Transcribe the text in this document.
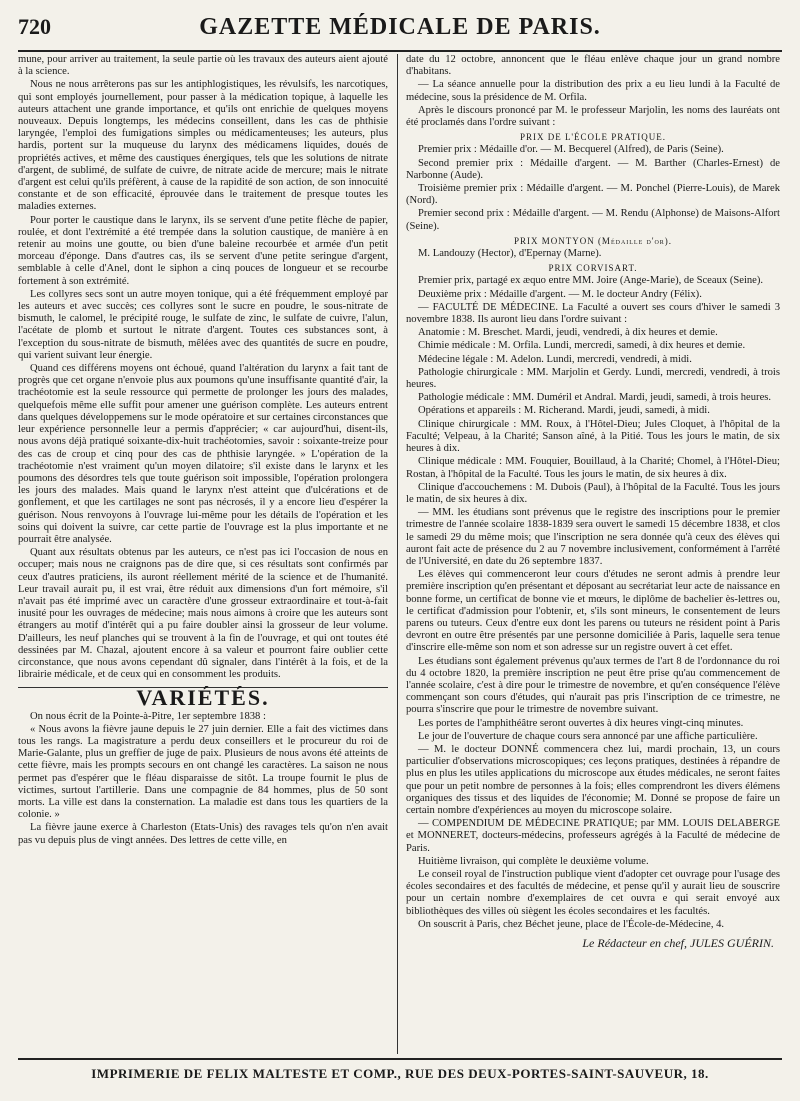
720	GAZETTE MÉDICALE DE PARIS.

mune, pour arriver au traitement, la seule partie où les travaux des auteurs aient ajouté à la science.

Nous ne nous arrêterons pas sur les antiphlogistiques, les révulsifs, les narcotiques, qui sont employés journellement, pour passer à la médication topique, à laquelle les auteurs attachent une grande importance, et qu'ils ont enrichie de quelques moyens nouveaux. Depuis longtemps, les médecins conseillent, dans les cas de phthisie laryngée, l'emploi des fumigations simples ou médicamenteuses; les auteurs, plus hardis, portent sur la muqueuse du larynx des médicamens liquides, doués de propriétés actives, et même des caustiques énergiques, tels que les solutions de nitrate d'argent, de sublimé, de sulfate de cuivre, de nitrate acide de mercure; mais le nitrate d'argent est celui qu'ils préfèrent, à cause de la rapidité de son action, de son innocuité constante et de son efficacité, éprouvée dans le traitement de presque toutes les maladies externes.

Pour porter le caustique dans le larynx, ils se servent d'une petite flèche de papier, roulée, et dont l'extrémité a été trempée dans la solution caustique, de manière à en retenir au moins une goutte, ou bien d'une baleine recourbée et armée d'un petit morceau d'éponge. Dans d'autres cas, ils se servent d'une petite seringue d'argent, semblable à celle d'Anel, dont le siphon a cinq pouces de longueur et se recourbe fortement à son extrémité.

Les collyres secs sont un autre moyen tonique, qui a été fréquemment employé par les auteurs et avec succès; ces collyres sont le sucre en poudre, le sous-nitrate de bismuth, le calomel, le précipité rouge, le sulfate de zinc, le sulfate de cuivre, l'alun, l'acétate de plomb et surtout le nitrate d'argent. Toutes ces substances sont, à l'exception du sous-nitrate de bismuth, mêlées avec des quantités de sucre en poudre, qui varient suivant leur énergie.

Quand ces différens moyens ont échoué, quand l'altération du larynx a fait tant de progrès que cet organe n'envoie plus aux poumons qu'une insuffisante quantité d'air, la trachéotomie est la seule ressource qui permette de prolonger les jours des malades, quelquefois même elle suffit pour amener une guérison complète. Les auteurs entrent dans quelques développemens sur le mode opératoire et sur certaines circonstances que leur expérience personnelle leur a permis d'apprécier; « car aujourd'hui, disent-ils, nous avons déjà pratiqué soixante-dix-huit trachéotomies, savoir : soixante-treize pour des cas de croup et cinq pour des cas de phthisie laryngée. » L'opération de la trachéotomie n'est vraiment qu'un moyen dilatoire; s'il existe dans le larynx et les poumons des désordres tels que toute guérison soit impossible, l'opération prolongera les jours des malades. Mais quand le larynx n'est atteint que d'ulcérations et de gonflement, et que les cartilages ne sont pas nécrosés, il y a encore lieu d'espérer la guérison. Nous renvoyons à l'ouvrage lui-même pour les détails de l'opération et les soins qui doivent la suivre, car cette partie de l'ouvrage est la plus importante et ne pourrait être analysée.

Quant aux résultats obtenus par les auteurs, ce n'est pas ici l'occasion de nous en occuper; mais nous ne craignons pas de dire que, si ces résultats sont confirmés par ceux d'autres praticiens, ils auront réellement mérité de la science et de l'humanité. Leur travail aurait pu, il est vrai, être réduit aux dimensions d'un fort mémoire, s'il n'avait pas été imprimé avec un caractère d'une grosseur extraordinaire et tout-à-fait inusité pour les ouvrages de médecine; mais nous aimons à croire que les auteurs sont étrangers au motif d'intérêt qui a pu faire doubler ainsi la grosseur de leur volume. D'ailleurs, les neuf planches qui se trouvent à la fin de l'ouvrage, et qui ont toutes été dessinées par M. Chazal, ajoutent encore à sa valeur et pourront faire oublier cette circonstance, que nous avons cependant dû signaler, dans l'intérêt à la fois, et de la librairie médicale, et de ceux qui en consomment les produits.

VARIÉTÉS.

On nous écrit de la Pointe-à-Pitre, 1er septembre 1838 :

« Nous avons la fièvre jaune depuis le 27 juin dernier. Elle a fait des victimes dans tous les rangs. La magistrature a perdu deux conseillers et le procureur du roi de Marie-Galante, plus un greffier de juge de paix. Plusieurs de nous avons été atteints de cette fièvre, mais les prompts secours en ont changé les caractères. La saison ne nous permet pas d'espérer que le fléau disparaisse de sitôt. La troupe fournit le plus de victimes, surtout l'artillerie. Dans une compagnie de 84 hommes, plus de 50 sont morts. La ville est dans la consternation. La maladie est dans tous les quartiers de la colonie. »

La fièvre jaune exerce à Charleston (Etats-Unis) des ravages tels qu'on n'en avait pas vu depuis plus de vingt années. Des lettres de cette ville, en

date du 12 octobre, annoncent que le fléau enlève chaque jour un grand nombre d'habitans.

— La séance annuelle pour la distribution des prix a eu lieu lundi à la Faculté de médecine, sous la présidence de M. Orfila.

Après le discours prononcé par M. le professeur Marjolin, les noms des lauréats ont été proclamés dans l'ordre suivant :

PRIX DE L'ÉCOLE PRATIQUE.

Premier prix : Médaille d'or. — M. Becquerel (Alfred), de Paris (Seine).

Second premier prix : Médaille d'argent. — M. Barther (Charles-Ernest) de Narbonne (Aude).

Troisième premier prix : Médaille d'argent. — M. Ponchel (Pierre-Louis), de Marek (Nord).

Premier second prix : Médaille d'argent. — M. Rendu (Alphonse) de Maisons-Alfort (Seine).

PRIX MONTYON (Médaille d'or).

M. Landouzy (Hector), d'Epernay (Marne).

PRIX CORVISART.

Premier prix, partagé ex æquo entre MM. Joire (Ange-Marie), de Sceaux (Seine).

Deuxième prix : Médaille d'argent. — M. le docteur Andry (Félix).

— FACULTÉ DE MÉDECINE. La Faculté a ouvert ses cours d'hiver le samedi 3 novembre 1838. Ils auront lieu dans l'ordre suivant :

Anatomie : M. Breschet. Mardi, jeudi, vendredi, à dix heures et demie.

Chimie médicale : M. Orfila. Lundi, mercredi, samedi, à dix heures et demie.

Médecine légale : M. Adelon. Lundi, mercredi, vendredi, à midi.

Pathologie chirurgicale : MM. Marjolin et Gerdy. Lundi, mercredi, vendredi, à trois heures.

Pathologie médicale : MM. Duméril et Andral. Mardi, jeudi, samedi, à trois heures.

Opérations et appareils : M. Richerand. Mardi, jeudi, samedi, à midi.

Clinique chirurgicale : MM. Roux, à l'Hôtel-Dieu; Jules Cloquet, à l'hôpital de la Faculté; Velpeau, à la Charité; Sanson aîné, à la Pitié. Tous les jours le matin, de six heures à dix.

Clinique médicale : MM. Fouquier, Bouillaud, à la Charité; Chomel, à l'Hôtel-Dieu; Rostan, à l'hôpital de la Faculté. Tous les jours le matin, de six heures à dix.

Clinique d'accouchemens : M. Dubois (Paul), à l'hôpital de la Faculté. Tous les jours le matin, de six heures à dix.

— MM. les étudians sont prévenus que le registre des inscriptions pour le premier trimestre de l'année scolaire 1838-1839 sera ouvert le samedi 15 décembre 1838, et clos le samedi 29 du même mois; que l'inscription ne sera donnée qu'à ceux des élèves qui auront fait acte de présence du 2 au 7 novembre inclusivement, conformément à l'arrêté de l'Université, en date du 26 septembre 1837.

Les élèves qui commenceront leur cours d'études ne seront admis à prendre leur première inscription qu'en présentant et déposant au secrétariat leur acte de naissance en bonne forme, un certificat de bonne vie et mœurs, le diplôme de bachelier ès-lettres ou, le certificat d'admission pour l'obtenir, et, s'ils sont mineurs, le consentement de leurs parens ou tuteurs. Ceux d'entre eux dont les parens ou tuteurs ne résident point à Paris devront en outre être présentés par une personne domiciliée à Paris, laquelle sera tenue d'inscrire elle-même son nom et son adresse sur un registre ouvert à cet effet.

Les étudians sont également prévenus qu'aux termes de l'art 8 de l'ordonnance du roi du 4 octobre 1820, la première inscription ne peut être prise qu'au commencement de l'année scolaire, c'est à dire pour le trimestre de novembre, et qu'en conséquence l'élève commençant son cours d'études, qui n'aurait pas pris l'inscription de ce trimestre, ne pourra s'inscrire que pour le trimestre de novembre suivant.

Les portes de l'amphithéâtre seront ouvertes à dix heures vingt-cinq minutes.

Le jour de l'ouverture de chaque cours sera annoncé par une affiche particulière.

— M. le docteur DONNÉ commencera chez lui, mardi prochain, 13, un cours particulier d'observations microscopiques; ces leçons pratiques, destinées à répandre de plus en plus les utiles applications du microscope aux études médicales, ne seront faites que pour un petit nombre de personnes à la fois; elles comprendront les divers élémens organiques des tissus et des liquides de l'économie; M. Donné se propose de faire un certain nombre d'expériences au moyen du microscope solaire.

— COMPENDIUM DE MÉDECINE PRATIQUE; par MM. LOUIS DELABERGE et MONNERET, docteurs-médecins, professeurs agrégés à la Faculté de médecine de Paris.

Huitième livraison, qui complète le deuxième volume.

Le conseil royal de l'instruction publique vient d'adopter cet ouvrage pour l'usage des écoles secondaires et des facultés de médecine, et pense qu'il y aurait lieu de souscrire pour un certain nombre d'exemplaires de cet ouvra e qui serait envoyé aux bibliothèques des villes où siègent les écoles secondaires et les facultés.

On souscrit à Paris, chez Béchet jeune, place de l'École-de-Médecine, 4.

Le Rédacteur en chef, JULES GUÉRIN.
IMPRIMERIE DE FELIX MALTESTE ET COMP., RUE DES DEUX-PORTES-SAINT-SAUVEUR, 18.
